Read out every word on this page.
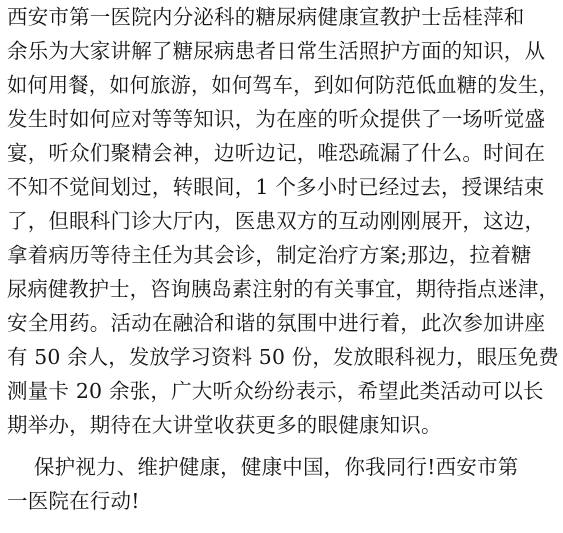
西安市第一医院内分泌科的糖尿病健康宣教护士岳桂萍和
余乐为大家讲解了糖尿病患者日常生活照护方面的知识，从
如何用餐，如何旅游，如何驾车，到如何防范低血糖的发生，
发生时如何应对等等知识，为在座的听众提供了一场听觉盛
宴，听众们聚精会神，边听边记，唯恐疏漏了什么。时间在
不知不觉间划过，转眼间，1 个多小时已经过去，授课结束
了，但眼科门诊大厅内，医患双方的互动刚刚展开，这边，
拿着病历等待主任为其会诊，制定治疗方案;那边，拉着糖
尿病健教护士，咨询胰岛素注射的有关事宜，期待指点迷津，
安全用药。活动在融洽和谐的氛围中进行着，此次参加讲座
有 50 余人，发放学习资料 50 份，发放眼科视力，眼压免费
测量卡 20 余张，广大听众纷纷表示，希望此类活动可以长
期举办，期待在大讲堂收获更多的眼健康知识。
保护视力、维护健康，健康中国，你我同行!西安市第
一医院在行动!
